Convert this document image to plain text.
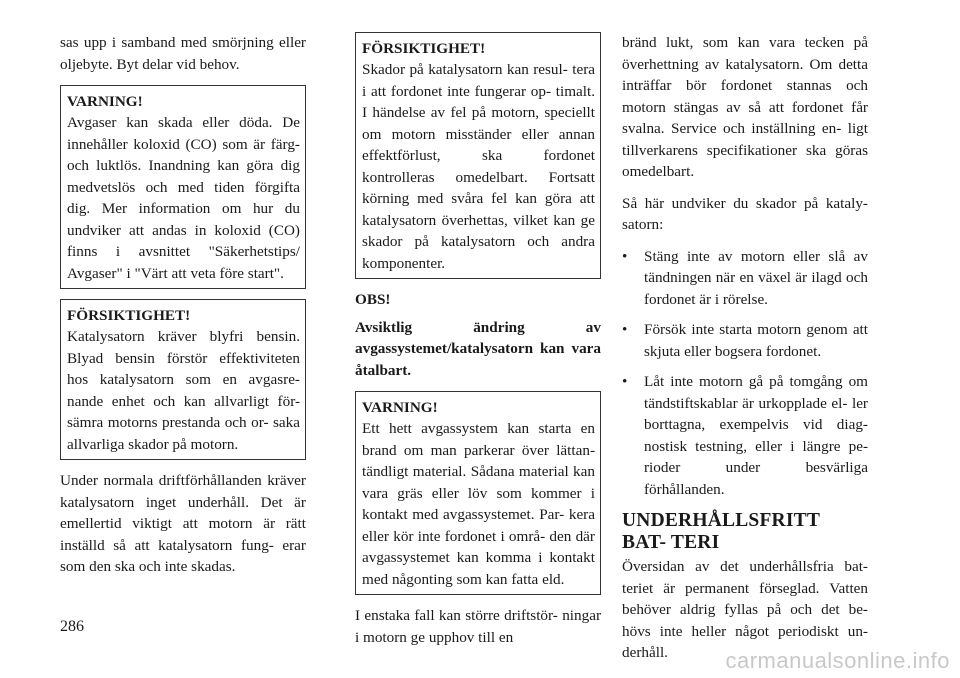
sas upp i samband med smörjning eller oljebyte. Byt delar vid behov.

VARNING!
Avgaser kan skada eller döda. De innehåller koloxid (CO) som är färg- och luktlös. Inandning kan göra dig medvetslös och med tiden förgifta dig. Mer information om hur du undviker att andas in koloxid (CO) finns i avsnittet "Säkerhetstips/ Avgaser" i "Värt att veta före start".
FÖRSIKTIGHET!
Katalysatorn kräver blyfri bensin. Blyad bensin förstör effektiviteten hos katalysatorn som en avgasre- nande enhet och kan allvarligt för- sämra motorns prestanda och or- saka allvarliga skador på motorn.

Under normala driftförhållanden kräver katalysatorn inget underhåll. Det är emellertid viktigt att motorn är rätt inställd så att katalysatorn fung- erar som den ska och inte skadas.

FÖRSIKTIGHET!
Skador på katalysatorn kan resul- tera i att fordonet inte fungerar op- timalt. I händelse av fel på motorn, speciellt om motorn misständer eller annan effektförlust, ska fordonet kontrolleras omedelbart. Fortsatt körning med svåra fel kan göra att katalysatorn överhettas, vilket kan ge skador på katalysatorn och andra komponenter.

OBS!

Avsiktlig ändring av avgassystemet/katalysatorn kan vara åtalbart.

VARNING!
Ett hett avgassystem kan starta en brand om man parkerar över lättan- tändligt material. Sådana material kan vara gräs eller löv som kommer i kontakt med avgassystemet. Par- kera eller kör inte fordonet i områ- den där avgassystemet kan komma i kontakt med någonting som kan fatta eld.

I enstaka fall kan större driftstör- ningar i motorn ge upphov till en

bränd lukt, som kan vara tecken på överhettning av katalysatorn. Om detta inträffar bör fordonet stannas och motorn stängas av så att fordonet får svalna. Service och inställning en- ligt tillverkarens specifikationer ska göras omedelbart.

Så här undviker du skador på kataly- satorn:

• Stäng inte av motorn eller slå av tändningen när en växel är ilagd och fordonet är i rörelse.
• Försök inte starta motorn genom att skjuta eller bogsera fordonet.
• Låt inte motorn gå på tomgång om tändstiftskablar är urkopplade el- ler borttagna, exempelvis vid diag- nostisk testning, eller i längre pe- rioder under besvärliga förhållanden.
UNDERHÅLLSFRITT BAT- TERI

Översidan av det underhållsfria bat- teriet är permanent förseglad. Vatten behöver aldrig fyllas på och det be- hövs inte heller något periodiskt un- derhåll.

286
carmanualsonline.info
